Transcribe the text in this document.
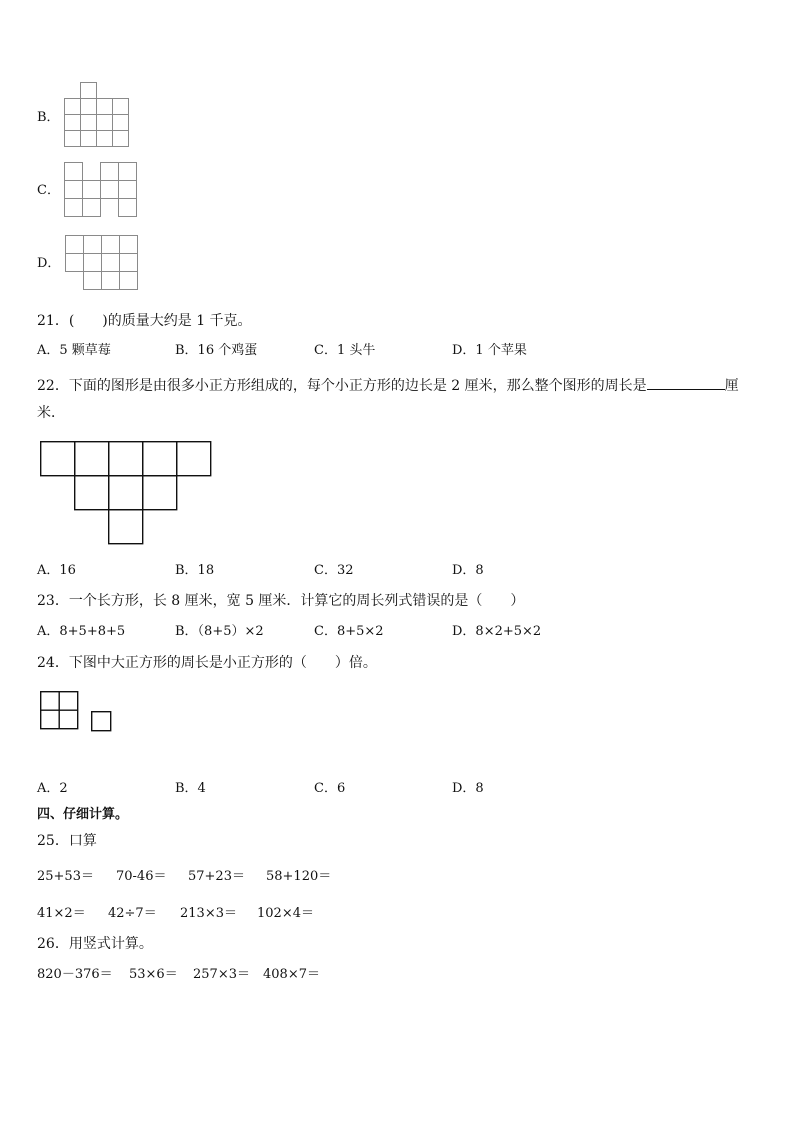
B．
C．
D．
21．(　　)的质量大约是 1 千克。
A．5 颗草莓	B．16 个鸡蛋	C．1 头牛	D．1 个苹果
22．下面的图形是由很多小正方形组成的，每个小正方形的边长是 2 厘米，那么整个图形的周长是	厘
米．
A．16	B．18	C．32	D．8
23．一个长方形，长 8 厘米，宽 5 厘米．计算它的周长列式错误的是（　　）
A．8+5+8+5	B．（8+5）×2	C．8+5×2	D．8×2+5×2
24．下图中大正方形的周长是小正方形的（　　）倍。
A．2	B．4	C．6	D．8
四、仔细计算。
25．口算
25+53＝ 70-46＝ 57+23＝ 58+120＝
41×2＝ 42÷7＝ 213×3＝ 102×4＝
26．用竖式计算。
820－376＝ 53×6＝ 257×3＝ 408×7＝
